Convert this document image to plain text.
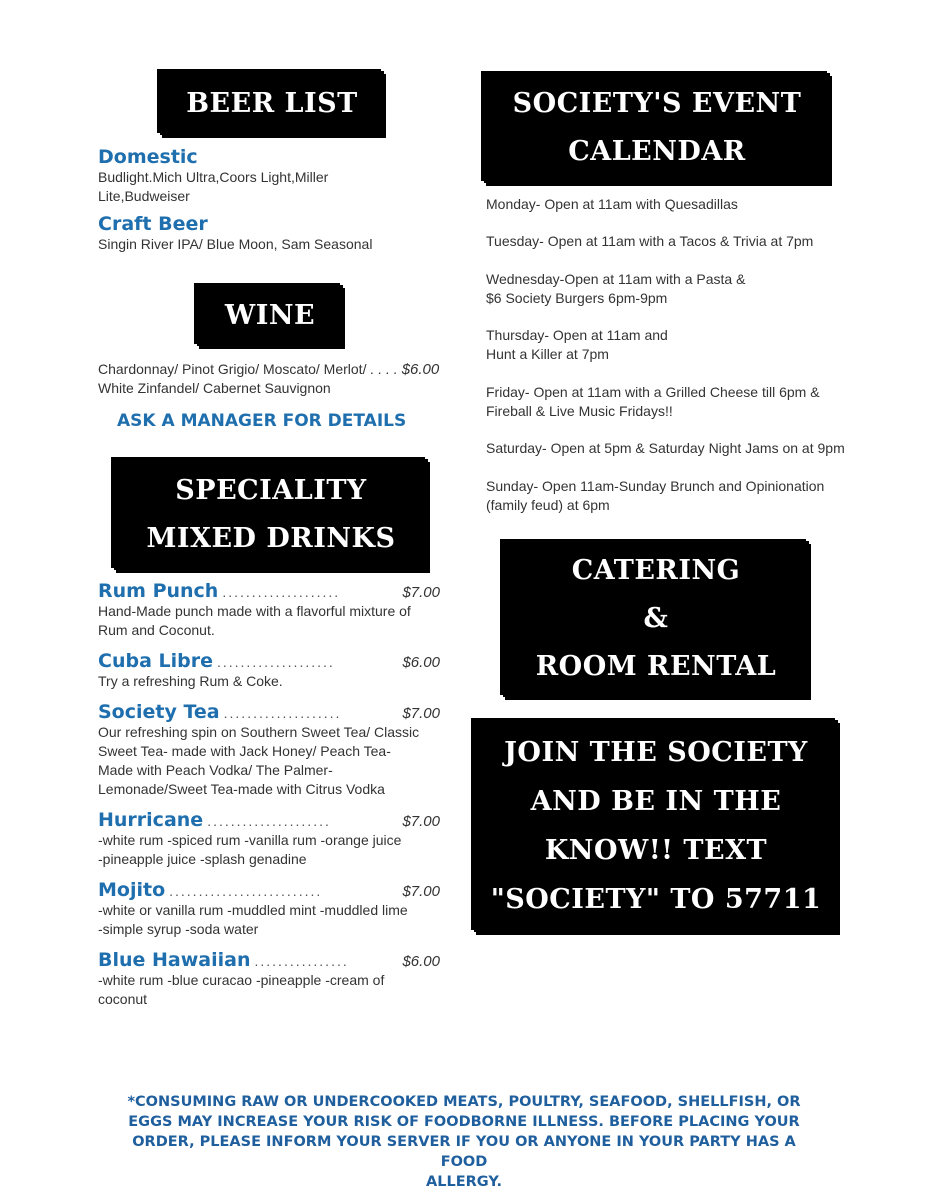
BEER LIST
Domestic
Budlight.Mich Ultra,Coors Light,Miller
Lite,Budweiser
Craft Beer
Singin River IPA/ Blue Moon, Sam Seasonal
WINE
Chardonnay/ Pinot Grigio/ Moscato/ Merlot/ . . . . $6.00
White Zinfandel/ Cabernet Sauvignon
ASK A MANAGER FOR DETAILS
SPECIALITY
MIXED DRINKS
Rum Punch ....................	$7.00
Hand-Made punch made with a flavorful mixture of
Rum and Coconut.
Cuba Libre ....................	$6.00
Try a refreshing Rum & Coke.
Society Tea ....................	$7.00
Our refreshing spin on Southern Sweet Tea/ Classic
Sweet Tea- made with Jack Honey/ Peach Tea-
Made with Peach Vodka/ The Palmer-
Lemonade/Sweet Tea-made with Citrus Vodka
Hurricane .....................	$7.00
-white rum -spiced rum -vanilla rum -orange juice
-pineapple juice -splash genadine
Mojito ..........................	$7.00
-white or vanilla rum -muddled mint -muddled lime
-simple syrup -soda water
Blue Hawaiian ................	$6.00
-white rum -blue curacao -pineapple -cream of
coconut
SOCIETY'S EVENT
CALENDAR
Monday- Open at 11am with Quesadillas
Tuesday- Open at 11am with a Tacos & Trivia at 7pm
Wednesday-Open at 11am with a Pasta &
$6 Society Burgers 6pm-9pm
Thursday- Open at 11am and
Hunt a Killer at 7pm
Friday- Open at 11am with a Grilled Cheese till 6pm &
Fireball & Live Music Fridays!!
Saturday- Open at 5pm & Saturday Night Jams on at 9pm
Sunday- Open 11am-Sunday Brunch and Opinionation
(family feud) at 6pm
CATERING
&
ROOM RENTAL
JOIN THE SOCIETY
AND BE IN THE
KNOW!! TEXT
"SOCIETY" TO 57711
*CONSUMING RAW OR UNDERCOOKED MEATS, POULTRY, SEAFOOD, SHELLFISH, OR
EGGS MAY INCREASE YOUR RISK OF FOODBORNE ILLNESS. BEFORE PLACING YOUR
ORDER, PLEASE INFORM YOUR SERVER IF YOU OR ANYONE IN YOUR PARTY HAS A FOOD
ALLERGY.
